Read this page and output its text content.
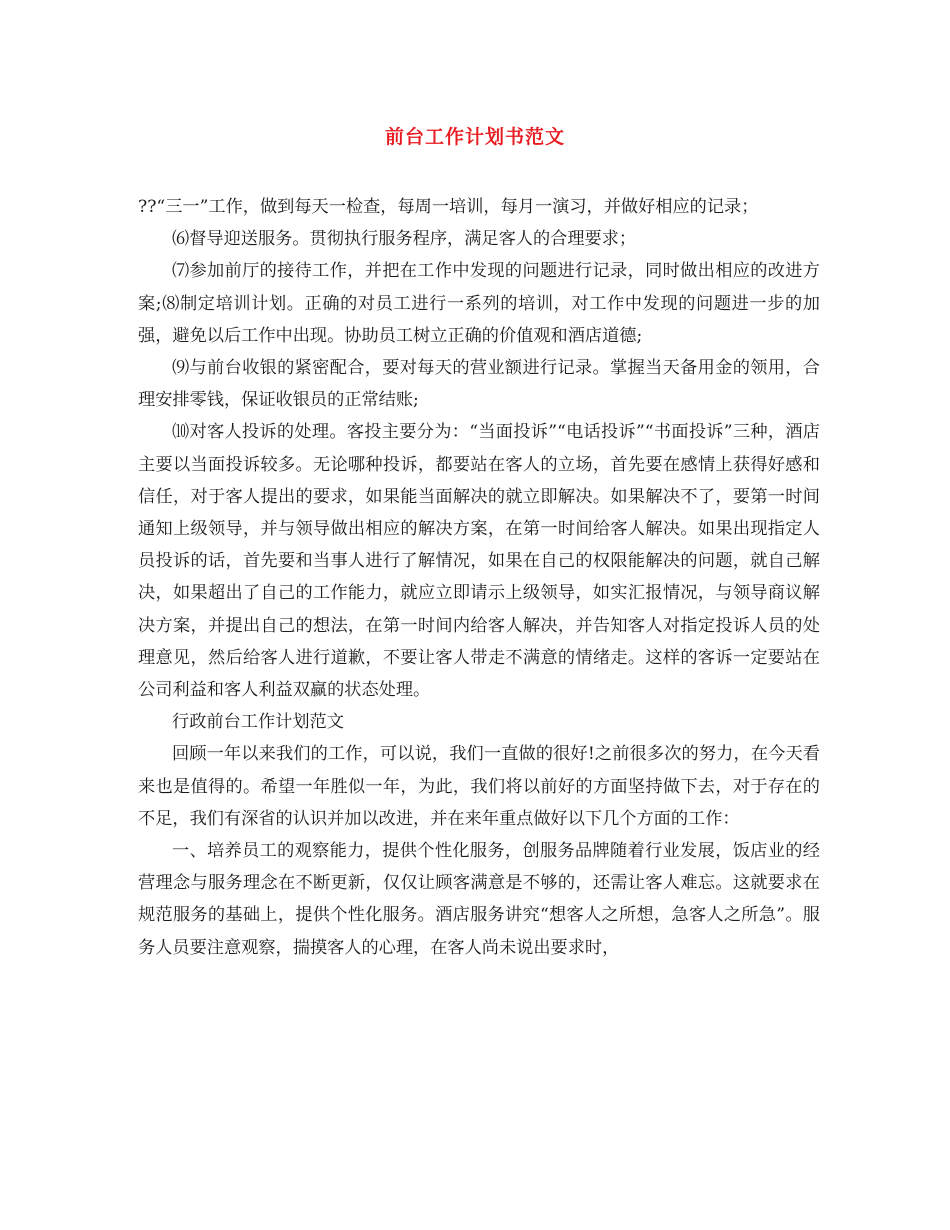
前台工作计划书范文

??“三一”工作，做到每天一检查，每周一培训，每月一演习，并做好相应的记录；

⑹督导迎送服务。贯彻执行服务程序，满足客人的合理要求；

⑺参加前厅的接待工作，并把在工作中发现的问题进行记录，同时做出相应的改进方案;⑻制定培训计划。正确的对员工进行一系列的培训，对工作中发现的问题进一步的加强，避免以后工作中出现。协助员工树立正确的价值观和酒店道德;

⑼与前台收银的紧密配合，要对每天的营业额进行记录。掌握当天备用金的领用，合理安排零钱，保证收银员的正常结账;

⑽对客人投诉的处理。客投主要分为：“当面投诉”“电话投诉”“书面投诉”三种，酒店主要以当面投诉较多。无论哪种投诉，都要站在客人的立场，首先要在感情上获得好感和信任，对于客人提出的要求，如果能当面解决的就立即解决。如果解决不了，要第一时间通知上级领导，并与领导做出相应的解决方案，在第一时间给客人解决。如果出现指定人员投诉的话，首先要和当事人进行了解情况，如果在自己的权限能解决的问题，就自己解决，如果超出了自己的工作能力，就应立即请示上级领导，如实汇报情况，与领导商议解决方案，并提出自己的想法，在第一时间内给客人解决，并告知客人对指定投诉人员的处理意见，然后给客人进行道歉，不要让客人带走不满意的情绪走。这样的客诉一定要站在公司利益和客人利益双赢的状态处理。

行政前台工作计划范文

回顾一年以来我们的工作，可以说，我们一直做的很好!之前很多次的努力，在今天看来也是值得的。希望一年胜似一年，为此，我们将以前好的方面坚持做下去，对于存在的不足，我们有深省的认识并加以改进，并在来年重点做好以下几个方面的工作：

一、培养员工的观察能力，提供个性化服务，创服务品牌随着行业发展，饭店业的经营理念与服务理念在不断更新，仅仅让顾客满意是不够的，还需让客人难忘。这就要求在规范服务的基础上，提供个性化服务。酒店服务讲究“想客人之所想，急客人之所急”。服务人员要注意观察，揣摸客人的心理，在客人尚未说出要求时，
